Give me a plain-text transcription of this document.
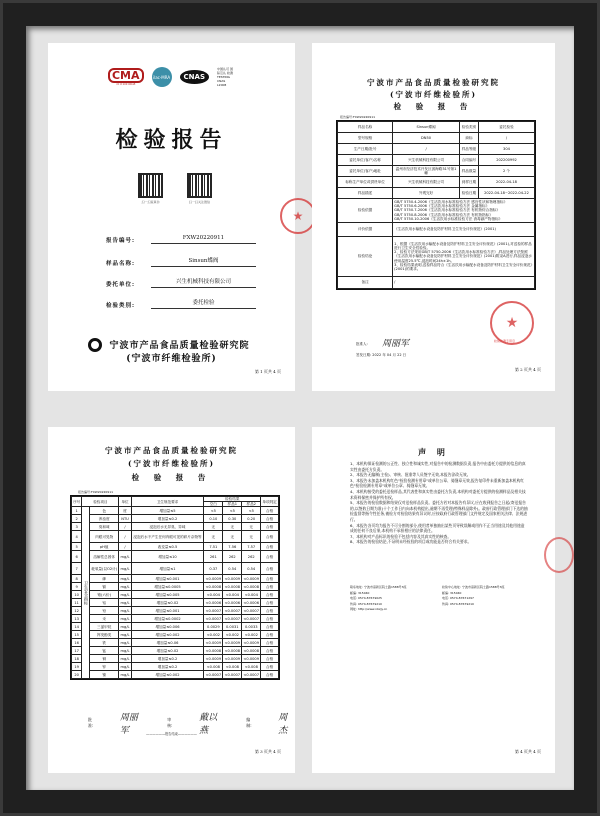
CMA
211120010048
ilac-MRA	CNAS
中国认可 国际互认 检测 TESTING CNAS L2008
检验报告
扫一扫查真伪	扫一扫关注微信
报告编号:	FXW20220911
样品名称:	Sinsun蝶阀
委托单位:	兴生机械科技有限公司
检验类别:	委托检验
宁波市产品食品质量检验研究院
(宁波市纤维检验所)
第 1 页共 4 页
★
宁波市产品食品质量检验研究院
(宁波市纤维检验所)
检 验 报 告
报告编号:FXW20220911
样品名称	Sinsun蝶阀	检验类别	委托检验
型号规格	DN50	商标	/
生产日期/批号	/	样品等级	304
委托单位(客户)名称	兴生机械科技有限公司	合同编号	202200992
委托单位(客户)地址	温州市经济技术开发区滨海路31号第1幢	样品数量	2 个
标称生产单位或供货单位	兴生机械科技有限公司	到样日期	2022-04-18
样品描述	外观完好	检验日期	2022-04-18~2022-04-22
检验依据	GB/T 5750.4-2006《生活饮用水标准检验方法 感官性状和物理指标》
GB/T 5750.6-2006《生活饮用水标准检验方法 金属指标》
GB/T 5750.7-2006《生活饮用水标准检验方法 有机物综合指标》
GB/T 5750.8-2006《生活饮用水标准检验方法 有机物指标》
GB/T 5750.10-2006《生活饮用水标准检验方法 消毒副产物指标》		

评价依据	《生活饮用水输配水设备及防护材料卫生安全评价规范》(2001)		

检验结论	1、根据《生活饮用水输配水设备及防护材料卫生安全评价规范》(2001),对送检的样品进行卫生安全性检验。
2、检验方法采用GB/T 5750-2006《生活饮用水标准检验方法》,样品处理方法按照《生活饮用水输配水设备及防护材料卫生安全评价规范》(2001)附录A进行,样品浸泡水使用温度25.5℃,浸泡时间24h±1h。
3、检验结果表明,送检样品符合《生活饮用水输配水设备及防护材料卫生安全评价规范》(2001)的要求。		

备注	/		
批准人: 周丽军
签发日期: 2022 年 04 月 22 日
★
检验检测专用章
第 2 页共 4 页
宁波市产品食品质量检验研究院
(宁波市纤维检验所)
检 验 报 告
报告编号:FXW20220911
序号	检验项目		单位	卫生规范要求	检验结果			单项判定
					空白	样品1	样品2	
1	卫生安全指标	色	度	增加量≤5	<5	<5	<5	合格
2		浑浊度	NTU	增加量≤0.2	0.10	0.30	0.20	合格
3		臭和味	/	浸泡后水无异臭、异味	无	无	无	合格
4		肉眼可见物	/	浸泡后水不产生任何肉眼可见的碎片杂物等	无	无	无	合格
5		pH值	/	改变量≤0.5	7.51	7.56	7.57	合格
6		溶解性总固体	mg/L	增加量≤10	261	262	262	合格
7		耗氧量(以O2计)	mg/L	增加量≤1	0.37	0.54	0.54	合格
8		砷	mg/L	增加量≤0.001	<0.0009	<0.0009	<0.0009	合格
9		镉	mg/L	增加量≤0.0005	<0.0008	<0.0008	<0.0008	合格
10		铬(六价)	mg/L	增加量≤0.005	<0.004	<0.004	<0.004	合格
11		铝	mg/L	增加量≤0.02	<0.0006	<0.0006	<0.0006	合格
12		铅	mg/L	增加量≤0.001	<0.0007	<0.0007	<0.0007	合格
13		汞	mg/L	增加量≤0.0002	<0.0007	<0.0007	<0.0007	合格
14		三氯甲烷	mg/L	增加量≤0.006	0.0029	0.0031	0.0033	合格
15		挥发酚类	mg/L	增加量≤0.002	<0.002	<0.002	<0.002	合格
16		铁	mg/L	增加量≤0.06	<0.0009	<0.0009	<0.0009	合格
17		锰	mg/L	增加量≤0.02	<0.0008	<0.0008	<0.0008	合格
18		铜	mg/L	增加量≤0.2	<0.0009	<0.0009	<0.0009	合格
19		锌	mg/L	增加量≤0.2	<0.008	<0.008	<0.008	合格
20		镍	mg/L	增加量≤0.002	<0.0007	<0.0007	<0.0007	合格
批 准:
周丽军
审 核:
戴以燕
编 制:
周杰
——————报告结束——————
第 3 页共 4 页
声 明

1、本机构保证检测的公正性、独立性和诚实性,对报告中的检测数据负责,报告中由委托方提供的信息的真实性由委托方负责。

2、本报告无编制(主检)、审核、批准等人员签字无效,本报告涂改无效。

3、本报告未加盖本机构红色"检验检测专用章"或单位公章、骑缝章无效,报告复印件未重新加盖本机构红色"检验检测专用章"或单位公章、骑缝章无效。

4、本机构接受的委托送检样品,其代表性和真实性由委托方负责,本机构对委托方提供的检测样品及相关技术资料保密并保护所有权。

5、本报告的检验数据和结果仅对送检样品负责。委托方若对本报告有异议,应在收到报告之日起(寄送报告的,以签收日期为准)十个工作日内向本机构提出,逾期不再受理(特殊样品除外)。政府行政管理部门下达的抽检监督等指令性任务,被检方对检验结果有异议时,应按政府行政管理部门文件规定及国家相关法律、法规进行。

6、本报告各页均为报告不可分割的部分,使用者单独抽出某些页导致误解或用作不正当用途及其他用途造成的任何不良后果,本机构不承担相应的法律责任。

7、本机构对产品标识的检验不包括内容及其真实性的核查。

8、本报告的检验结论,不证明未经检验的项目或功能是否符合有关要求。

联系地址: 宁波市高新区院士路1588号3座
邮编: 315040
电话: 0574-87679025
传真: 0574-87679210
网址: http://www.nbzjy.cn
检验中心地址: 宁波市高新区院士路1588号3座
邮编: 315040
电话: 0574-87671297
传真: 0574-87679210
第 4 页共 4 页
